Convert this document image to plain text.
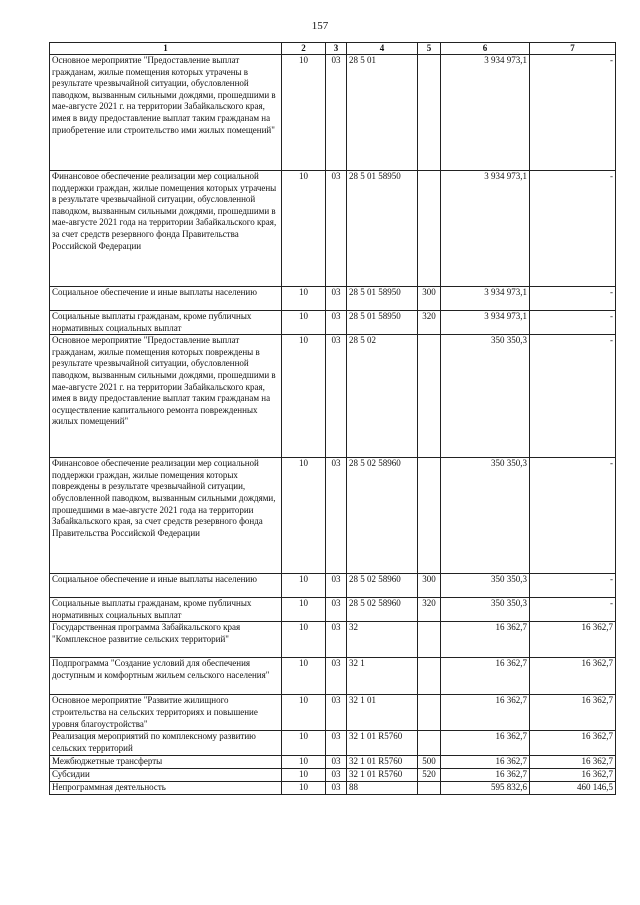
157
1	2	3	4	5	6	7
Основное мероприятие "Предоставление выплат гражданам, жилые помещения которых утрачены в результате чрезвычайной ситуации, обусловленной паводком, вызванным сильными дождями, прошедшими в мае-августе 2021 г. на территории Забайкальского края, имея в виду предоставление выплат таким гражданам на приобретение или строительство ими жилых помещений"	10	03	28 5 01		3 934 973,1	-
Финансовое обеспечение реализации мер социальной поддержки граждан, жилые помещения которых утрачены в результате чрезвычайной ситуации, обусловленной паводком, вызванным сильными дождями, прошедшими в мае-августе 2021 года на территории Забайкальского края, за счет средств резервного фонда Правительства Российской Федерации	10	03	28 5 01 58950		3 934 973,1	-
Социальное обеспечение и иные выплаты населению	10	03	28 5 01 58950	300	3 934 973,1	-
Социальные выплаты гражданам, кроме публичных нормативных социальных выплат	10	03	28 5 01 58950	320	3 934 973,1	-
Основное мероприятие "Предоставление выплат гражданам, жилые помещения которых повреждены в результате чрезвычайной ситуации, обусловленной паводком, вызванным сильными дождями, прошедшими в мае-августе 2021 г. на территории Забайкальского края, имея в виду предоставление выплат таким гражданам на осуществление капитального ремонта поврежденных жилых помещений"	10	03	28 5 02		350 350,3	-
Финансовое обеспечение реализации мер социальной поддержки граждан, жилые помещения которых повреждены в результате чрезвычайной ситуации, обусловленной паводком, вызванным сильными дождями, прошедшими в мае-августе 2021 года на территории Забайкальского края, за счет средств резервного фонда Правительства Российской Федерации	10	03	28 5 02 58960		350 350,3	-
Социальное обеспечение и иные выплаты населению	10	03	28 5 02 58960	300	350 350,3	-
Социальные выплаты гражданам, кроме публичных нормативных социальных выплат	10	03	28 5 02 58960	320	350 350,3	-
Государственная программа Забайкальского края "Комплексное развитие сельских территорий"	10	03	32		16 362,7	16 362,7
Подпрограмма "Создание условий для обеспечения доступным и комфортным жильем сельского населения"	10	03	32 1		16 362,7	16 362,7
Основное мероприятие "Развитие жилищного строительства на сельских территориях и повышение уровня благоустройства"	10	03	32 1 01		16 362,7	16 362,7
Реализация мероприятий по комплексному развитию сельских территорий	10	03	32 1 01 R5760		16 362,7	16 362,7
Межбюджетные трансферты	10	03	32 1 01 R5760	500	16 362,7	16 362,7
Субсидии	10	03	32 1 01 R5760	520	16 362,7	16 362,7
Непрограммная деятельность	10	03	88		595 832,6	460 146,5
